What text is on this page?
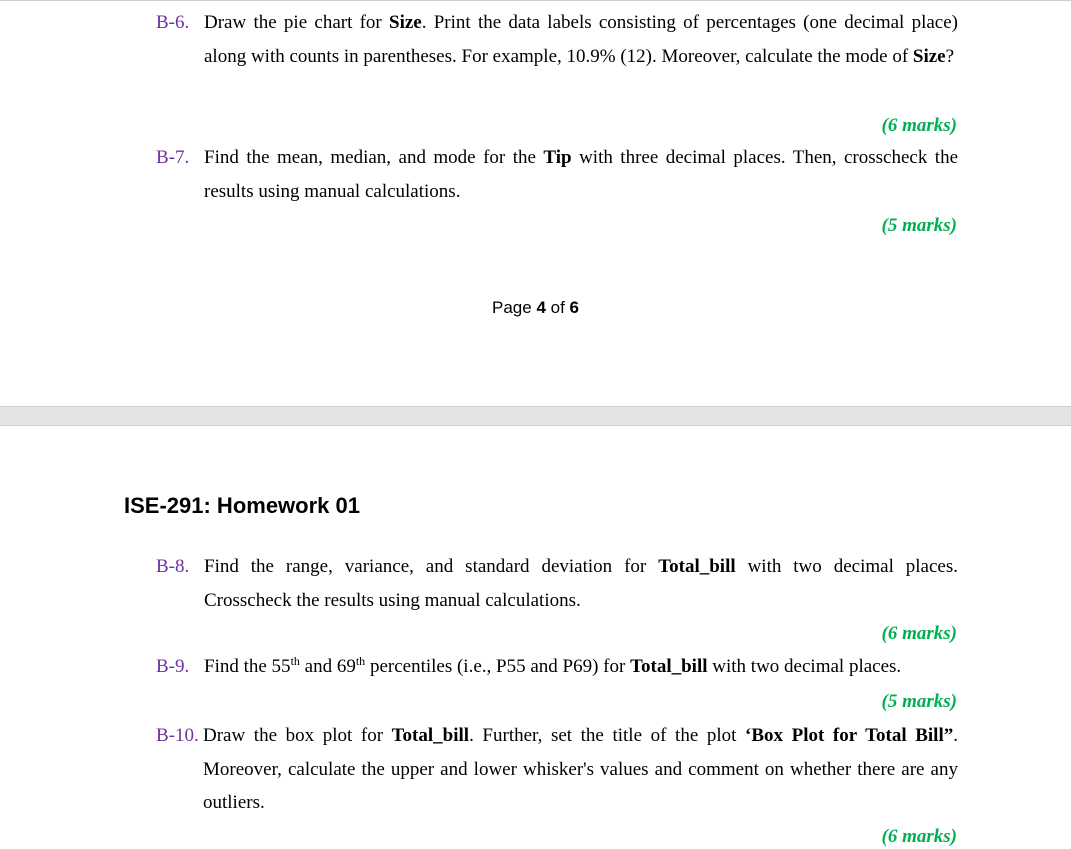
B-6. Draw the pie chart for Size. Print the data labels consisting of percentages (one decimal place) along with counts in parentheses. For example, 10.9% (12). Moreover, calculate the mode of Size?
(6 marks)
B-7. Find the mean, median, and mode for the Tip with three decimal places. Then, crosscheck the results using manual calculations.
(5 marks)
Page 4 of 6
ISE-291: Homework 01
B-8. Find the range, variance, and standard deviation for Total_bill with two decimal places. Crosscheck the results using manual calculations.
(6 marks)
B-9. Find the 55th and 69th percentiles (i.e., P55 and P69) for Total_bill with two decimal places.
(5 marks)
B-10. Draw the box plot for Total_bill. Further, set the title of the plot ‘Box Plot for Total Bill”. Moreover, calculate the upper and lower whisker's values and comment on whether there are any outliers.
(6 marks)
